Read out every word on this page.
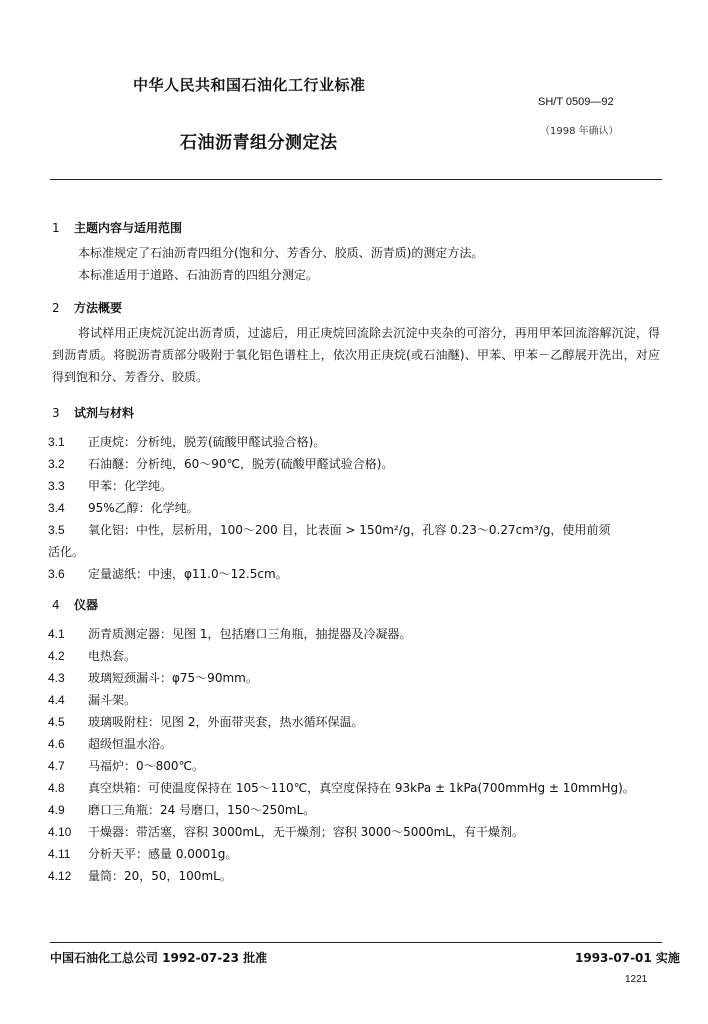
中华人民共和国石油化工行业标准
SH/T 0509—92
石油沥青组分测定法
（1998 年确认）
1 主题内容与适用范围
本标准规定了石油沥青四组分(饱和分、芳香分、胶质、沥青质)的测定方法。
本标准适用于道路、石油沥青的四组分测定。
2 方法概要
将试样用正庚烷沉淀出沥青质，过滤后，用正庚烷回流除去沉淀中夹杂的可溶分，再用甲苯回流溶解沉淀，得到沥青质。将脱沥青质部分吸附于氧化铝色谱柱上，依次用正庚烷(或石油醚)、甲苯、甲苯－乙醇展开洗出，对应得到饱和分、芳香分、胶质。
3 试剂与材料
3.1 正庚烷：分析纯，脱芳(硫酸甲醛试验合格)。
3.2 石油醚：分析纯，60～90℃，脱芳(硫酸甲醛试验合格)。
3.3 甲苯：化学纯。
3.4 95%乙醇：化学纯。
3.5 氧化铝：中性，层析用，100～200 目，比表面 > 150m²/g，孔容 0.23～0.27cm³/g，使用前须
活化。
3.6 定量滤纸：中速，φ11.0～12.5cm。
4 仪器
4.1 沥青质测定器：见图 1，包括磨口三角瓶，抽提器及冷凝器。
4.2 电热套。
4.3 玻璃短颈漏斗：φ75～90mm。
4.4 漏斗架。
4.5 玻璃吸附柱：见图 2，外面带夹套，热水循环保温。
4.6 超级恒温水浴。
4.7 马福炉：0～800℃。
4.8 真空烘箱：可使温度保持在 105～110℃，真空度保持在 93kPa ± 1kPa(700mmHg ± 10mmHg)。
4.9 磨口三角瓶：24 号磨口，150～250mL。
4.10 干燥器：带活塞，容积 3000mL，无干燥剂；容积 3000～5000mL，有干燥剂。
4.11 分析天平：感量 0.0001g。
4.12 量筒：20，50，100mL。
中国石油化工总公司 1992-07-23 批准	1993-07-01 实施
1221
